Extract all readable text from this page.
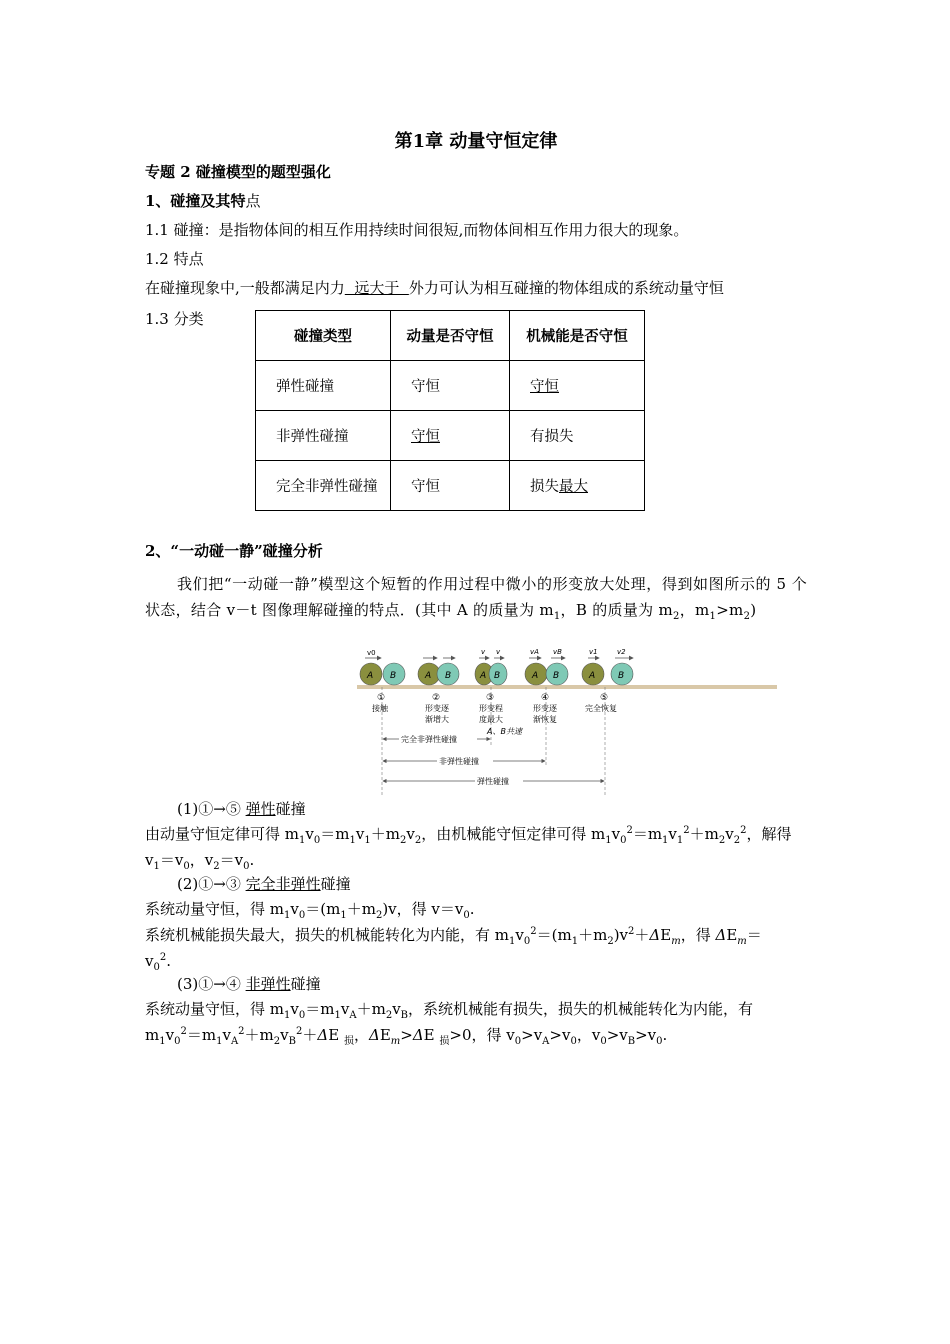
第1章 动量守恒定律
专题 2 碰撞模型的题型强化
1、碰撞及其特点
1.1 碰撞：是指物体间的相互作用持续时间很短,而物体间相互作用力很大的现象。
1.2 特点
在碰撞现象中,一般都满足内力  远大于  外力可认为相互碰撞的物体组成的系统动量守恒
1.3 分类
碰撞类型	动量是否守恒	机械能是否守恒
弹性碰撞	守恒	守恒
非弹性碰撞	守恒	有损失
完全非弹性碰撞	守恒	损失最大
2、“一动碰一静”碰撞分析
我们把“一动碰一静”模型这个短暂的作用过程中微小的形变放大处理，得到如图所示的 5 个状态，结合 v－t 图像理解碰撞的特点．(其中 A 的质量为 $m_1$，B 的质量为 $m_2$，$m_1>m_2$)
A B
v0
A B	A B
v v
A B
vA vB
A	B
v1	v2
①
接触
②
形变逐
渐增大
③
形变程
度最大
④
形变逐
渐恢复
⑤
完全恢复
A、B共速
完全非弹性碰撞
非弹性碰撞
弹性碰撞
(1)①→⑤ 弹性碰撞
由动量守恒定律可得 $m_1v_0=m_1v_1+m_2v_2$，由机械能守恒定律可得 $m_1v_0^2=m_1v_1^2+m_2v_2^2$，解得
$v_1=v_0$，$v_2=v_0$.
(2)①→③ 完全非弹性碰撞
系统动量守恒，得 $m_1v_0=(m_1+m_2)v$，得 $v=v_0$.
系统机械能损失最大，损失的机械能转化为内能，有 $m_1v_0^2=(m_1+m_2)v^2+\Delta E_m$，得 $\Delta E_m=$
$v_0^2$.
(3)①→④ 非弹性碰撞
系统动量守恒，得 $m_1v_0=m_1v_A+m_2v_B$，系统机械能有损失，损失的机械能转化为内能，有
$m_1v_0^2=m_1v_A^2+m_2v_B^2+\Delta E$ $_损$，$\Delta E_m>\Delta E$ $_损$>0，得 $v_0>v_A>v_0$，$v_0>v_B>v_0$.
